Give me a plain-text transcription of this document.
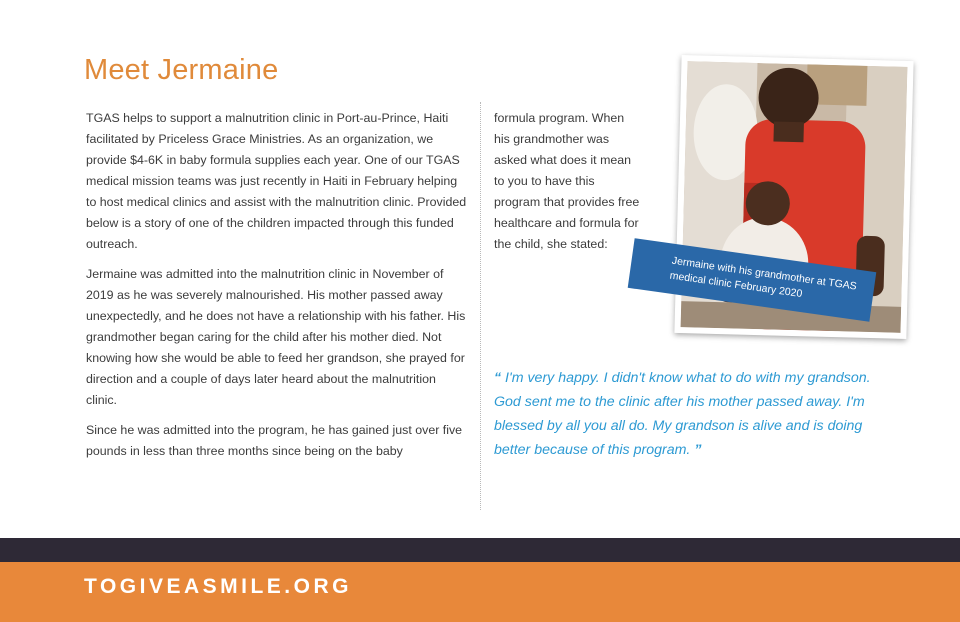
Meet Jermaine

TGAS helps to support a malnutrition clinic in Port-au-Prince, Haiti facilitated by Priceless Grace Ministries. As an organization, we provide $4-6K in baby formula supplies each year. One of our TGAS medical mission teams was just recently in Haiti in February helping to host medical clinics and assist with the malnutrition clinic. Provided below is a story of one of the children impacted through this funded outreach.

Jermaine was admitted into the malnutrition clinic in November of 2019 as he was severely malnourished. His mother passed away unexpectedly, and he does not have a relationship with his father. His grandmother began caring for the child after his mother died. Not knowing how she would be able to feed her grandson, she prayed for direction and a couple of days later heard about the malnutrition clinic.

Since he was admitted into the program, he has gained just over five pounds in less than three months since being on the baby

formula program. When his grandmother was asked what does it mean to you to have this program that provides free healthcare and formula for the child, she stated:

Jermaine with his grandmother at TGAS medical clinic February 2020

“ I'm very happy. I didn't know what to do with my grandson. God sent me to the clinic after his mother passed away. I'm blessed by all you all do. My grandson is alive and is doing better because of this program. ”

TOGIVEASMILE.ORG
